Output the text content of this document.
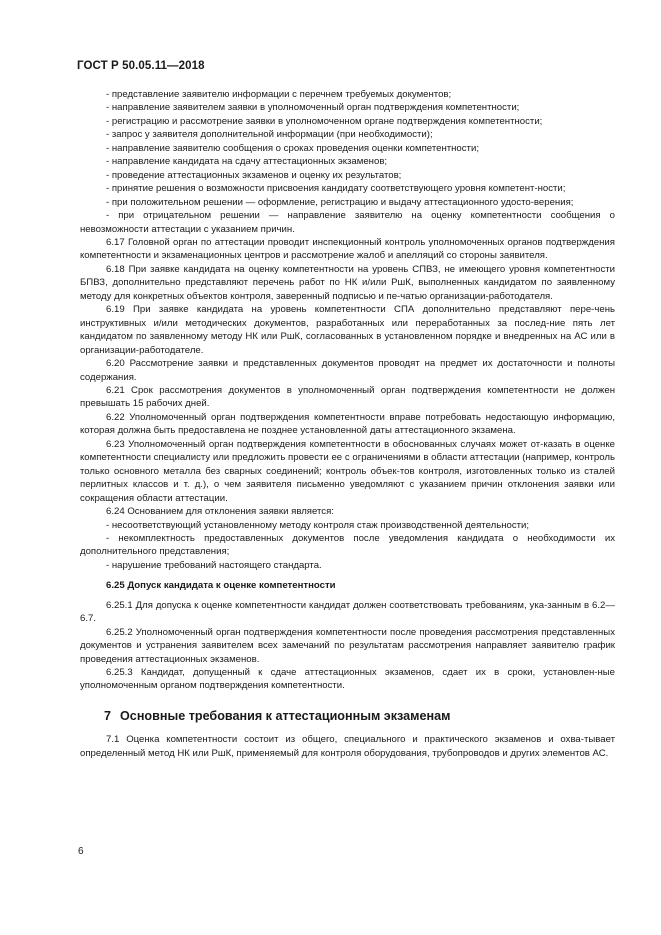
ГОСТ Р 50.05.11—2018

- представление заявителю информации с перечнем требуемых документов;

- направление заявителем заявки в уполномоченный орган подтверждения компетентности;

- регистрацию и рассмотрение заявки в уполномоченном органе подтверждения компетентности;

- запрос у заявителя дополнительной информации (при необходимости);

- направление заявителю сообщения о сроках проведения оценки компетентности;

- направление кандидата на сдачу аттестационных экзаменов;

- проведение аттестационных экзаменов и оценку их результатов;

- принятие решения о возможности присвоения кандидату соответствующего уровня компетент-ности;

- при положительном решении — оформление, регистрацию и выдачу аттестационного удосто-верения;

- при отрицательном решении — направление заявителю на оценку компетентности сообщения о невозможности аттестации с указанием причин.

6.17 Головной орган по аттестации проводит инспекционный контроль уполномоченных органов подтверждения компетентности и экзаменационных центров и рассмотрение жалоб и апелляций со стороны заявителя.

6.18 При заявке кандидата на оценку компетентности на уровень СПВЗ, не имеющего уровня компетентности БПВЗ, дополнительно представляют перечень работ по НК и/или РшК, выполненных кандидатом по заявленному методу для конкретных объектов контроля, заверенный подписью и пе-чатью организации-работодателя.

6.19 При заявке кандидата на уровень компетентности СПА дополнительно представляют пере-чень инструктивных и/или методических документов, разработанных или переработанных за послед-ние пять лет кандидатом по заявленному методу НК или РшК, согласованных в установленном порядке и внедренных на АС или в организации-работодателе.

6.20 Рассмотрение заявки и представленных документов проводят на предмет их достаточности и полноты содержания.

6.21 Срок рассмотрения документов в уполномоченный орган подтверждения компетентности не должен превышать 15 рабочих дней.

6.22 Уполномоченный орган подтверждения компетентности вправе потребовать недостающую информацию, которая должна быть предоставлена не позднее установленной даты аттестационного экзамена.

6.23 Уполномоченный орган подтверждения компетентности в обоснованных случаях может от-казать в оценке компетентности специалисту или предложить провести ее с ограничениями в области аттестации (например, контроль только основного металла без сварных соединений; контроль объек-тов контроля, изготовленных только из сталей перлитных классов и т. д.), о чем заявителя письменно уведомляют с указанием причин отклонения заявки или сокращения области аттестации.

6.24 Основанием для отклонения заявки является:

- несоответствующий установленному методу контроля стаж производственной деятельности;

- некомплектность предоставленных документов после уведомления кандидата о необходимости их дополнительного представления;

- нарушение требований настоящего стандарта.

6.25 Допуск кандидата к оценке компетентности

6.25.1 Для допуска к оценке компетентности кандидат должен соответствовать требованиям, ука-занным в 6.2—6.7.

6.25.2 Уполномоченный орган подтверждения компетентности после проведения рассмотрения представленных документов и устранения заявителем всех замечаний по результатам рассмотрения направляет заявителю график проведения аттестационных экзаменов.

6.25.3 Кандидат, допущенный к сдаче аттестационных экзаменов, сдает их в сроки, установлен-ные уполномоченным органом подтверждения компетентности.

7 Основные требования к аттестационным экзаменам

7.1 Оценка компетентности состоит из общего, специального и практического экзаменов и охва-тывает определенный метод НК или РшК, применяемый для контроля оборудования, трубопроводов и других элементов АС.

6
